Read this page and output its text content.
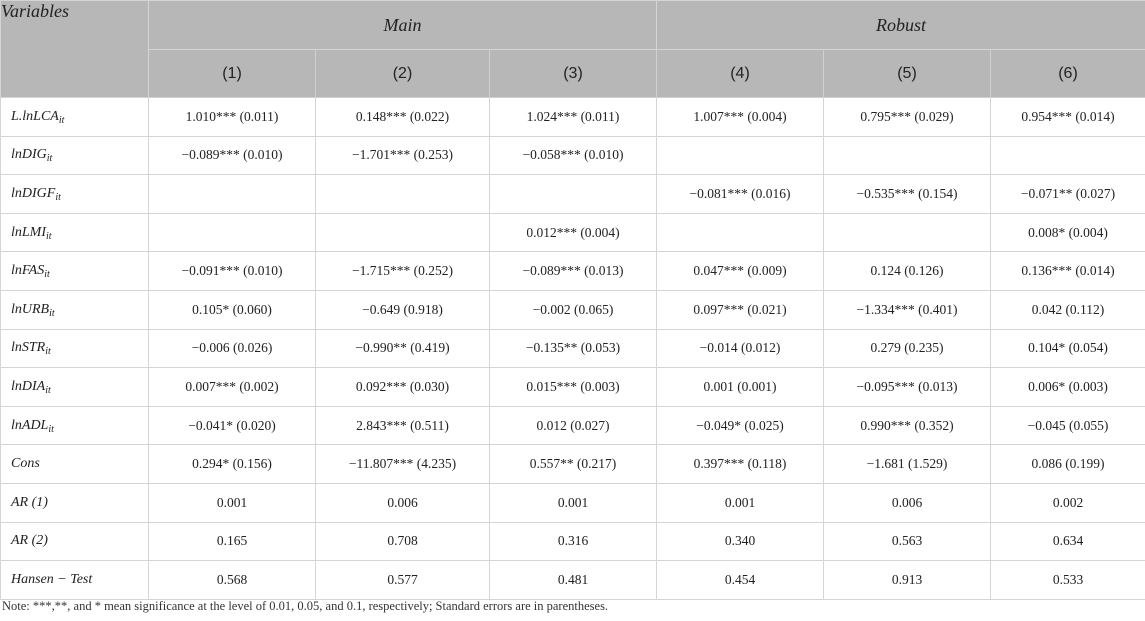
Variables	Main			Robust		
	(1)	(2)	(3)	(4)	(5)	(6)
L.lnLCA$_{it}$	1.010*** (0.011)	0.148*** (0.022)	1.024*** (0.011)	1.007*** (0.004)	0.795*** (0.029)	0.954*** (0.014)
lnDIG$_{it}$	−0.089*** (0.010)	−1.701*** (0.253)	−0.058*** (0.010)			
lnDIGF$_{it}$				−0.081*** (0.016)	−0.535*** (0.154)	−0.071** (0.027)
lnLMI$_{it}$			0.012*** (0.004)			0.008* (0.004)
lnFAS$_{it}$	−0.091*** (0.010)	−1.715*** (0.252)	−0.089*** (0.013)	0.047*** (0.009)	0.124 (0.126)	0.136*** (0.014)
lnURB$_{it}$	0.105* (0.060)	−0.649 (0.918)	−0.002 (0.065)	0.097*** (0.021)	−1.334*** (0.401)	0.042 (0.112)
lnSTR$_{it}$	−0.006 (0.026)	−0.990** (0.419)	−0.135** (0.053)	−0.014 (0.012)	0.279 (0.235)	0.104* (0.054)
lnDIA$_{it}$	0.007*** (0.002)	0.092*** (0.030)	0.015*** (0.003)	0.001 (0.001)	−0.095*** (0.013)	0.006* (0.003)
lnADL$_{it}$	−0.041* (0.020)	2.843*** (0.511)	0.012 (0.027)	−0.049* (0.025)	0.990*** (0.352)	−0.045 (0.055)
Cons	0.294* (0.156)	−11.807*** (4.235)	0.557** (0.217)	0.397*** (0.118)	−1.681 (1.529)	0.086 (0.199)
AR (1)	0.001	0.006	0.001	0.001	0.006	0.002
AR (2)	0.165	0.708	0.316	0.340	0.563	0.634
Hansen − Test	0.568	0.577	0.481	0.454	0.913	0.533
Note: ***,**, and * mean significance at the level of 0.01, 0.05, and 0.1, respectively; Standard errors are in parentheses.
